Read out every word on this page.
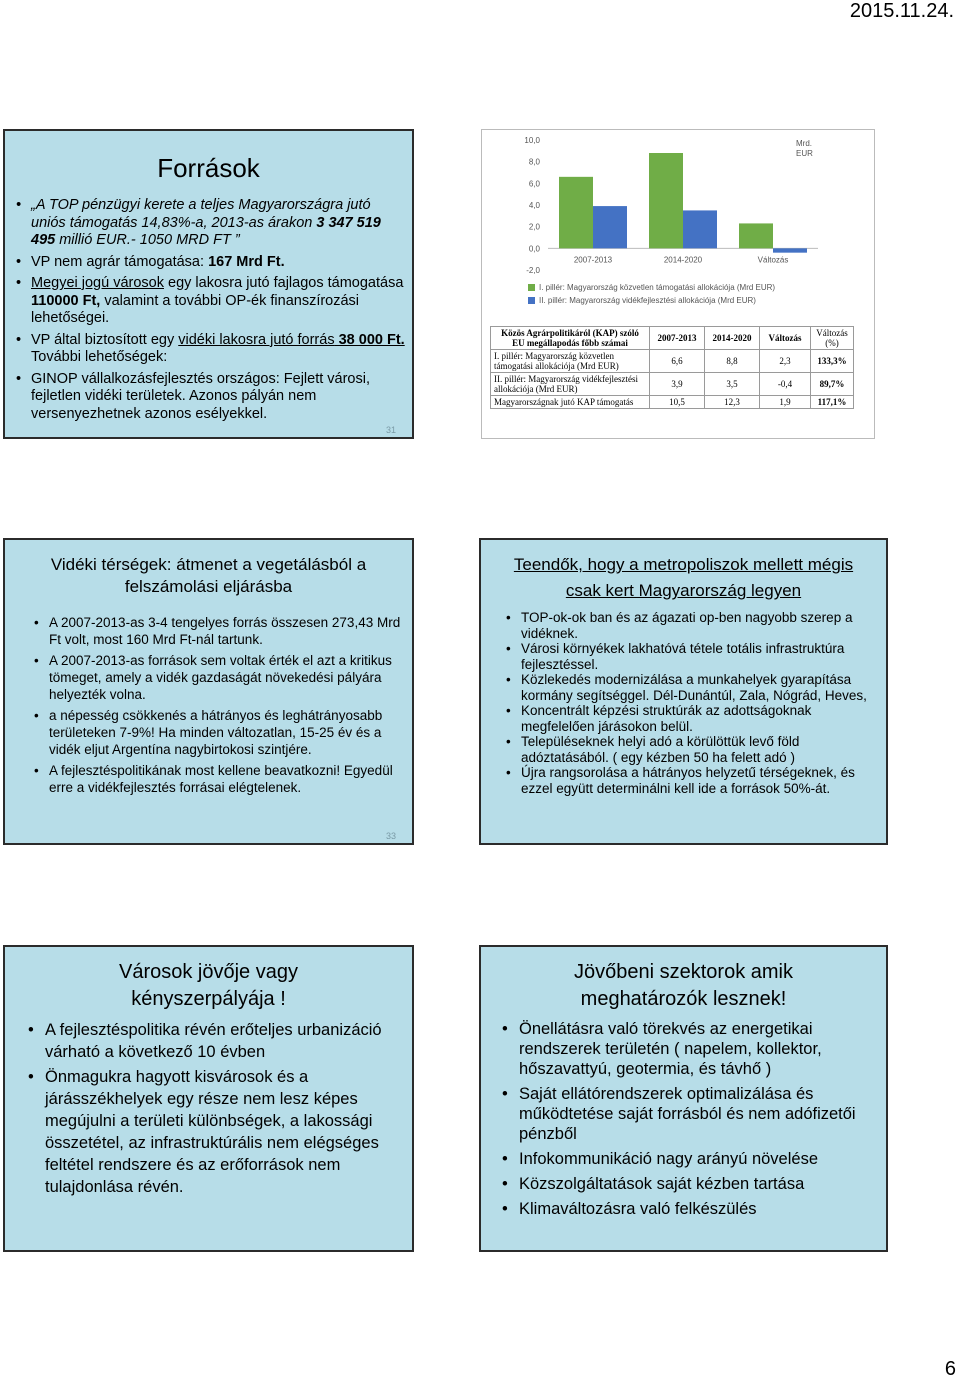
2015.11.24.
Források
• „A TOP pénzügyi kerete a teljes Magyarországra jutó uniós támogatás 14,83%-a, 2013-as árakon 3 347 519 495 millió EUR.- 1050 MRD FT ”
• VP nem agrár támogatása: 167 Mrd Ft.
• Megyei jogú városok egy lakosra jutó fajlagos támogatása 110000 Ft, valamint a további OP-ék finanszírozási lehetőségei.
• VP által biztosított egy vidéki lakosra jutó forrás 38 000 Ft. További lehetőségek:
• GINOP vállalkozásfejlesztés országos: Fejlett városi, fejletlen vidéki területek. Azonos pályán nem versenyezhetnek azonos esélyekkel.
31
10,0
8,0
6,0
4,0
2,0
0,0
-2,0
Mrd.
EUR
2007-2013	2014-2020	Változás
I. pillér: Magyarország közvetlen támogatási allokációja (Mrd EUR)
II. pillér: Magyarország vidékfejlesztési allokációja (Mrd EUR)
Közös Agrárpolitikáról (KAP) szóló EU megállapodás főbb számai	2007-2013	2014-2020	Változás	Változás (%)
I. pillér: Magyarország közvetlen támogatási allokációja (Mrd EUR)	6,6	8,8	2,3	133,3%
II. pillér: Magyarország vidékfejlesztési allokációja (Mrd EUR)	3,9	3,5	-0,4	89,7%
Magyarországnak jutó KAP támogatás	10,5	12,3	1,9	117,1%
Vidéki térségek: átmenet a vegetálásból a
felszámolási eljárásba
• A 2007-2013-as 3-4 tengelyes forrás összesen 273,43 Mrd Ft volt, most 160 Mrd Ft-nál tartunk.
• A 2007-2013-as források sem voltak érték el azt a kritikus tömeget, amely a vidék gazdaságát növekedési pályára helyezték volna.
• a népesség csökkenés a hátrányos és leghátrányosabb területeken 7-9%! Ha minden változatlan, 15-25 év és a vidék eljut Argentína nagybirtokosi szintjére.
• A fejlesztéspolitikának most kellene beavatkozni! Egyedül erre a vidékfejlesztés forrásai elégtelenek.
33
Teendők, hogy a metropoliszok mellett mégis
csak kert Magyarország legyen
• TOP-ok-ok ban és az ágazati op-ben nagyobb szerep a vidéknek.
• Városi környékek lakhatóvá tétele totális infrastruktúra fejlesztéssel.
• Közlekedés modernizálása a munkahelyek gyarapítása kormány segítséggel. Dél-Dunántúl, Zala, Nógrád, Heves,
• Koncentrált képzési struktúrák az adottságoknak megfelelően járásokon belül.
• Településeknek helyi adó a körülöttük levő föld adóztatásából. ( egy kézben 50 ha felett adó )
• Újra rangsorolása a hátrányos helyzetű térségeknek, és ezzel együtt determinálni kell ide a források 50%-át.
Városok jövője vagy
kényszerpályája !
• A fejlesztéspolitika révén erőteljes urbanizáció várható a következő 10 évben
• Önmagukra hagyott kisvárosok és a járásszékhelyek egy része nem lesz képes megújulni a területi különbségek, a lakossági összetétel, az infrastruktúrális nem elégséges feltétel rendszere és az erőforrások nem tulajdonlása révén.
Jövőbeni szektorok amik
meghatározók lesznek!
• Önellátásra való törekvés az energetikai rendszerek területén ( napelem, kollektor, hőszavattyú, geotermia, és távhő )
• Saját ellátórendszerek optimalizálása és működtetése saját forrásból és nem adófizetői pénzből
• Infokommunikáció nagy arányú növelése
• Közszolgáltatások saját kézben tartása
• Klimaváltozásra való felkészülés
6
